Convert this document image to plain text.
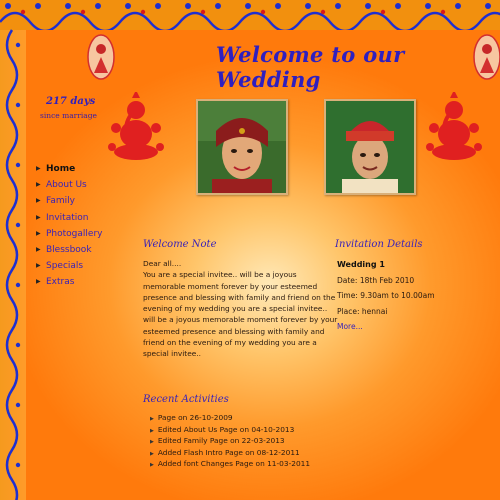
Welcome to our Wedding
217 days
since marriage
▶ Home
▶ About Us
▶ Family
▶ Invitation
▶ Photogallery
▶ Blessbook
▶ Specials
▶ Extras
Welcome Note
Dear all....
You are a special invitee.. will be a joyous memorable moment forever by your esteemed presence and blessing with family and friend on the evening of my wedding you are a special invitee.. will be a joyous memorable moment forever by your esteemed presence and blessing with family and friend on the evening of my wedding you are a special invitee..
Invitation Details
Wedding 1
Date: 18th Feb 2010
Time: 9.30am to 10.00am
Place: hennai
More...
Recent Activities
▶ Page on 26-10-2009
▶ Edited About Us Page on 04-10-2013
▶ Edited Family Page on 22-03-2013
▶ Added Flash Intro Page on 08-12-2011
▶ Added font Changes Page on 11-03-2011
